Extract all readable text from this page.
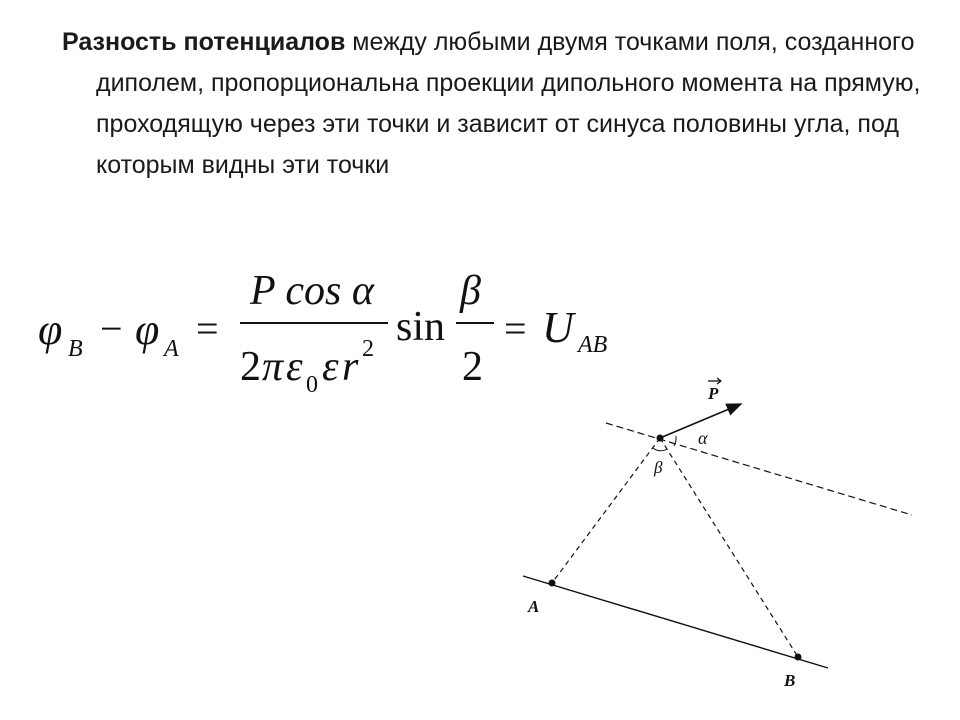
Разность потенциалов между любыми двумя точками поля, созданного диполем, пропорциональна проекции дипольного момента на прямую, проходящую через эти точки и зависит от синуса половины угла, под которым видны эти точки

φ B − φ A =
P cos α
2 π ε 0 ε r 2 sin
β
2
= U AB
P
α
β
A
B
